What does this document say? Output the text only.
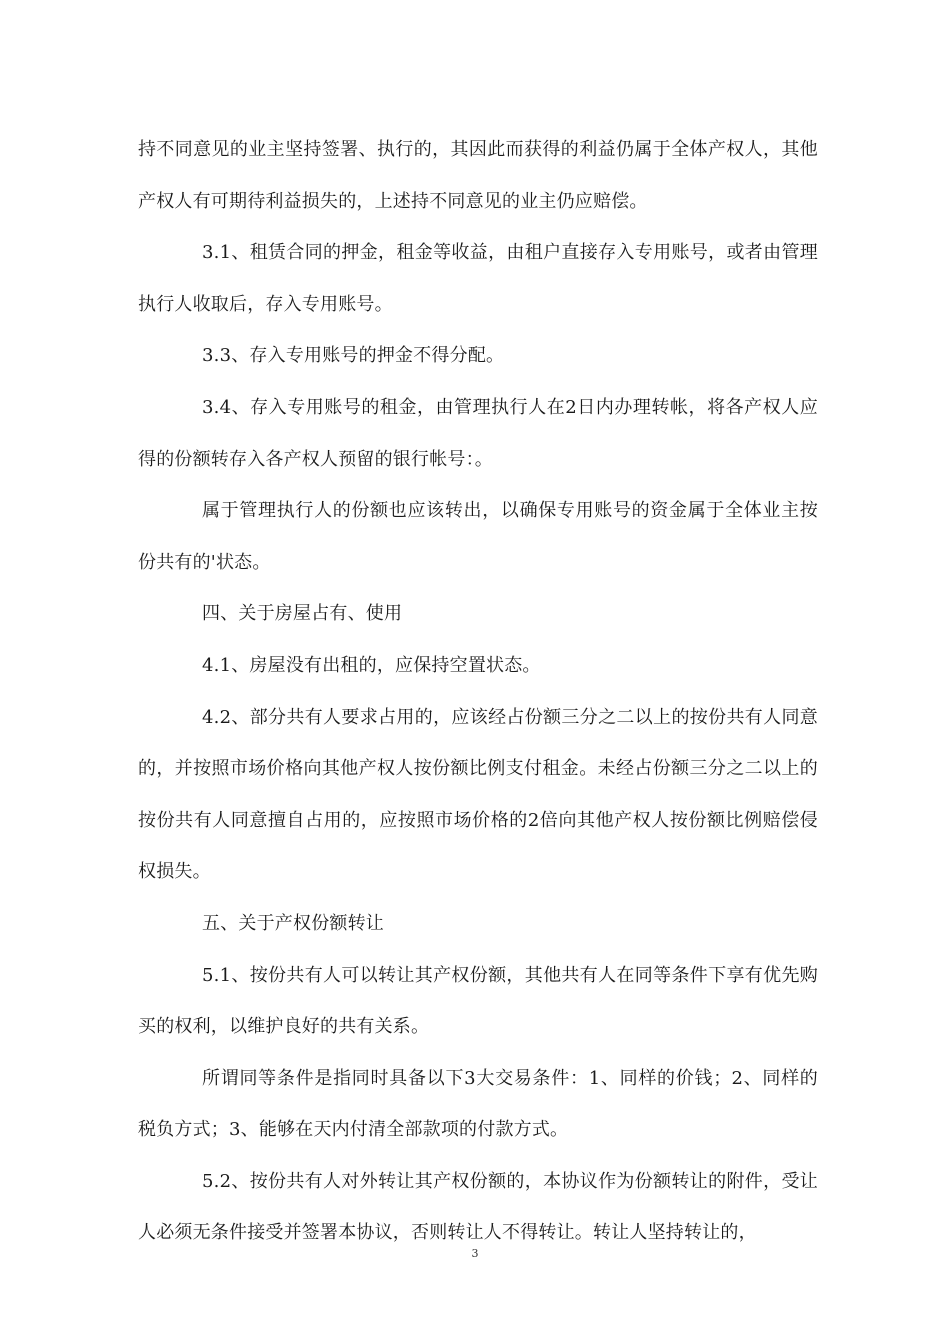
持不同意见的业主坚持签署、执行的，其因此而获得的利益仍属于全体产权人，其他产权人有可期待利益损失的，上述持不同意见的业主仍应赔偿。

3.1、租赁合同的押金，租金等收益，由租户直接存入专用账号，或者由管理执行人收取后，存入专用账号。

3.3、存入专用账号的押金不得分配。

3.4、存入专用账号的租金，由管理执行人在2日内办理转帐，将各产权人应得的份额转存入各产权人预留的银行帐号：。

属于管理执行人的份额也应该转出，以确保专用账号的资金属于全体业主按份共有的'状态。

四、关于房屋占有、使用

4.1、房屋没有出租的，应保持空置状态。

4.2、部分共有人要求占用的，应该经占份额三分之二以上的按份共有人同意的，并按照市场价格向其他产权人按份额比例支付租金。未经占份额三分之二以上的按份共有人同意擅自占用的，应按照市场价格的2倍向其他产权人按份额比例赔偿侵权损失。

五、关于产权份额转让

5.1、按份共有人可以转让其产权份额，其他共有人在同等条件下享有优先购买的权利，以维护良好的共有关系。

所谓同等条件是指同时具备以下3大交易条件：1、同样的价钱；2、同样的税负方式；3、能够在天内付清全部款项的付款方式。

5.2、按份共有人对外转让其产权份额的，本协议作为份额转让的附件，受让人必须无条件接受并签署本协议，否则转让人不得转让。转让人坚持转让的，

3
